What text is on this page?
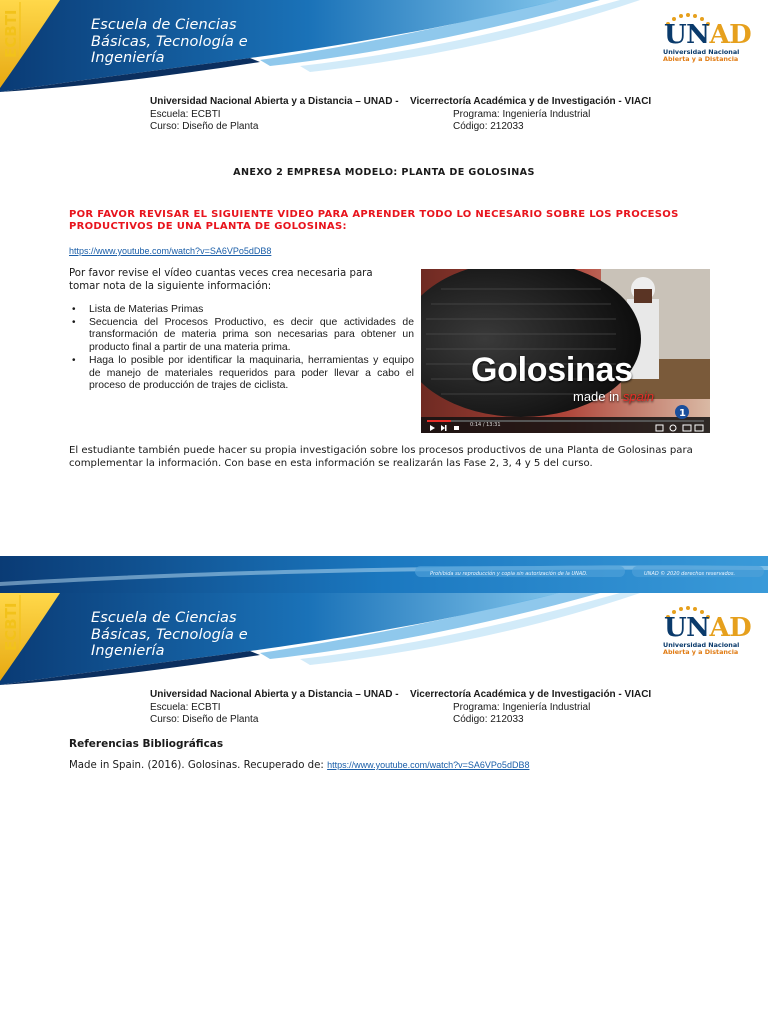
ECBTI	Escuela de Ciencias
Básicas, Tecnología e
Ingeniería
UNAD
Universidad Nacional
Abierta y a Distancia
Universidad Nacional Abierta y a Distancia – UNAD - Vicerrectoría Académica y de Investigación - VIACI
Escuela: ECBTI	Programa: Ingeniería Industrial
Curso: Diseño de Planta	Código: 212033
ANEXO 2 EMPRESA MODELO: PLANTA DE GOLOSINAS
POR FAVOR REVISAR EL SIGUIENTE VIDEO PARA APRENDER TODO LO NECESARIO SOBRE LOS PROCESOS PRODUCTIVOS DE UNA PLANTA DE GOLOSINAS:
https://www.youtube.com/watch?v=SA6VPo5dDB8
Por favor revise el vídeo cuantas veces crea necesaria para tomar nota de la siguiente información:
• Lista de Materias Primas
• Secuencia del Procesos Productivo, es decir que actividades de transformación de materia prima son necesarias para obtener un producto final a partir de una materia prima.
• Haga lo posible por identificar la maquinaria, herramientas y equipo de manejo de materiales requeridos para poder llevar a cabo el proceso de producción de trajes de ciclista.
1
Golosinas
made in spain
0:14 / 13:31
El estudiante también puede hacer su propia investigación sobre los procesos productivos de una Planta de Golosinas para complementar la información. Con base en esta información se realizarán las Fase 2, 3, 4 y 5 del curso.
Prohibida su reproducción y copia sin autorización de la UNAD.	UNAD © 2020 derechos reservados.
ECBTI	Escuela de Ciencias
Básicas, Tecnología e
Ingeniería
UNAD
Universidad Nacional
Abierta y a Distancia
Universidad Nacional Abierta y a Distancia – UNAD - Vicerrectoría Académica y de Investigación - VIACI
Escuela: ECBTI	Programa: Ingeniería Industrial
Curso: Diseño de Planta	Código: 212033
Referencias Bibliográficas
Made in Spain. (2016). Golosinas. Recuperado de: https://www.youtube.com/watch?v=SA6VPo5dDB8
